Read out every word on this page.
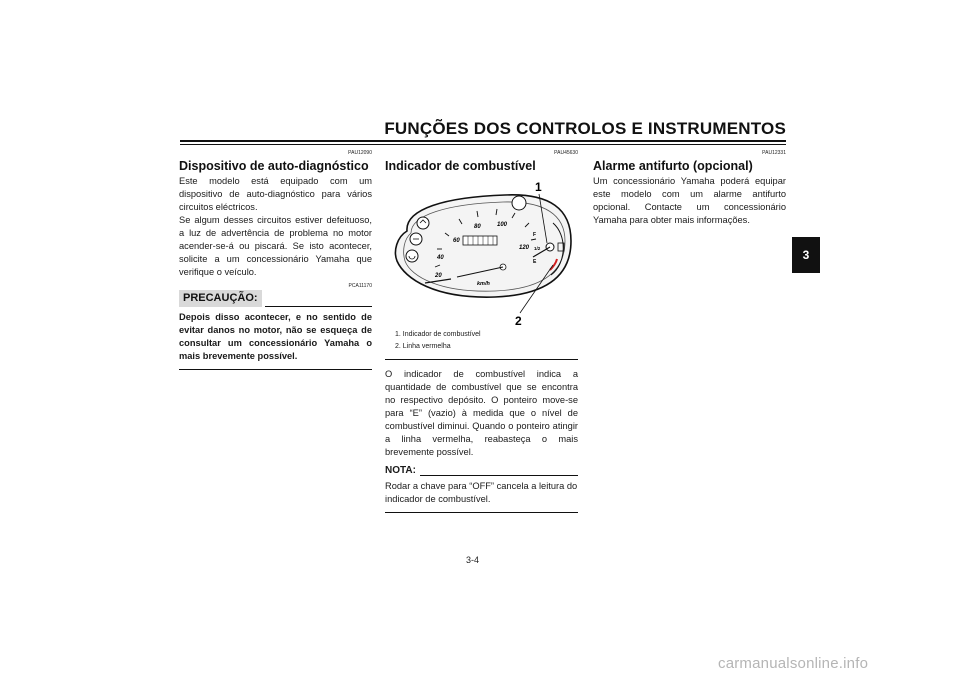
FUNÇÕES DOS CONTROLOS E INSTRUMENTOS
3
PAU12090
Dispositivo de auto-diagnóstico

Este modelo está equipado com um dispositivo de auto-diagnóstico para vários circuitos eléctricos.

Se algum desses circuitos estiver defeituoso, a luz de advertência de problema no motor acender-se-á ou piscará. Se isto acontecer, solicite a um concessionário Yamaha que verifique o veículo.

PCA11170
PRECAUÇÃO:

Depois disso acontecer, e no sentido de evitar danos no motor, não se esqueça de consultar um concessionário Yamaha o mais brevemente possível.

PAU45630
Indicador de combustível
20
40
60
80	100
120
km/h
F
1/2
E
1
2
1. Indicador de combustível
2. Linha vermelha

O indicador de combustível indica a quantidade de combustível que se encontra no respectivo depósito. O ponteiro move-se para “E” (vazio) à medida que o nível de combustível diminui. Quando o ponteiro atingir a linha vermelha, reabasteça o mais brevemente possível.

NOTA:

Rodar a chave para “OFF” cancela a leitura do indicador de combustível.

PAU12331
Alarme antifurto (opcional)

Um concessionário Yamaha poderá equipar este modelo com um alarme antifurto opcional. Contacte um concessionário Yamaha para obter mais informações.

3-4
carmanualsonline.info
